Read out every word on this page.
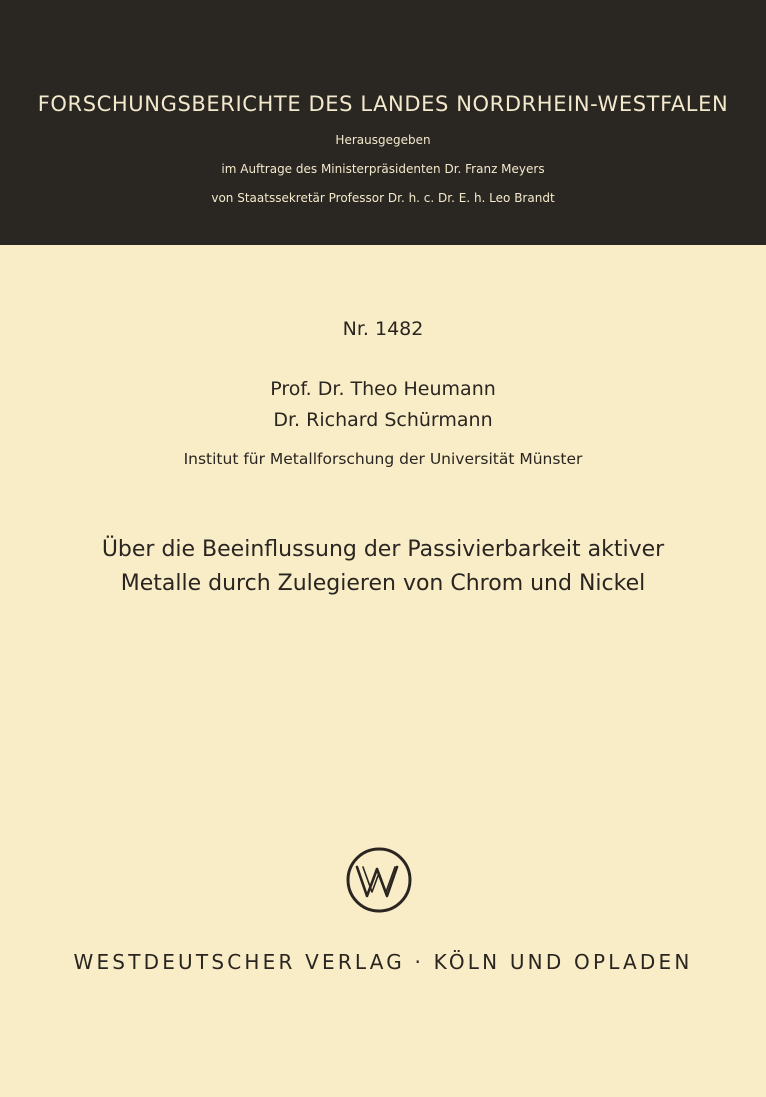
FORSCHUNGSBERICHTE DES LANDES NORDRHEIN-WESTFALEN
Herausgegeben
im Auftrage des Ministerpräsidenten Dr. Franz Meyers
von Staatssekretär Professor Dr. h. c. Dr. E. h. Leo Brandt
Nr. 1482
Prof. Dr. Theo Heumann
Dr. Richard Schürmann
Institut für Metallforschung der Universität Münster
Über die Beeinflussung der Passivierbarkeit aktiver
Metalle durch Zulegieren von Chrom und Nickel
WESTDEUTSCHER VERLAG · KÖLN UND OPLADEN
